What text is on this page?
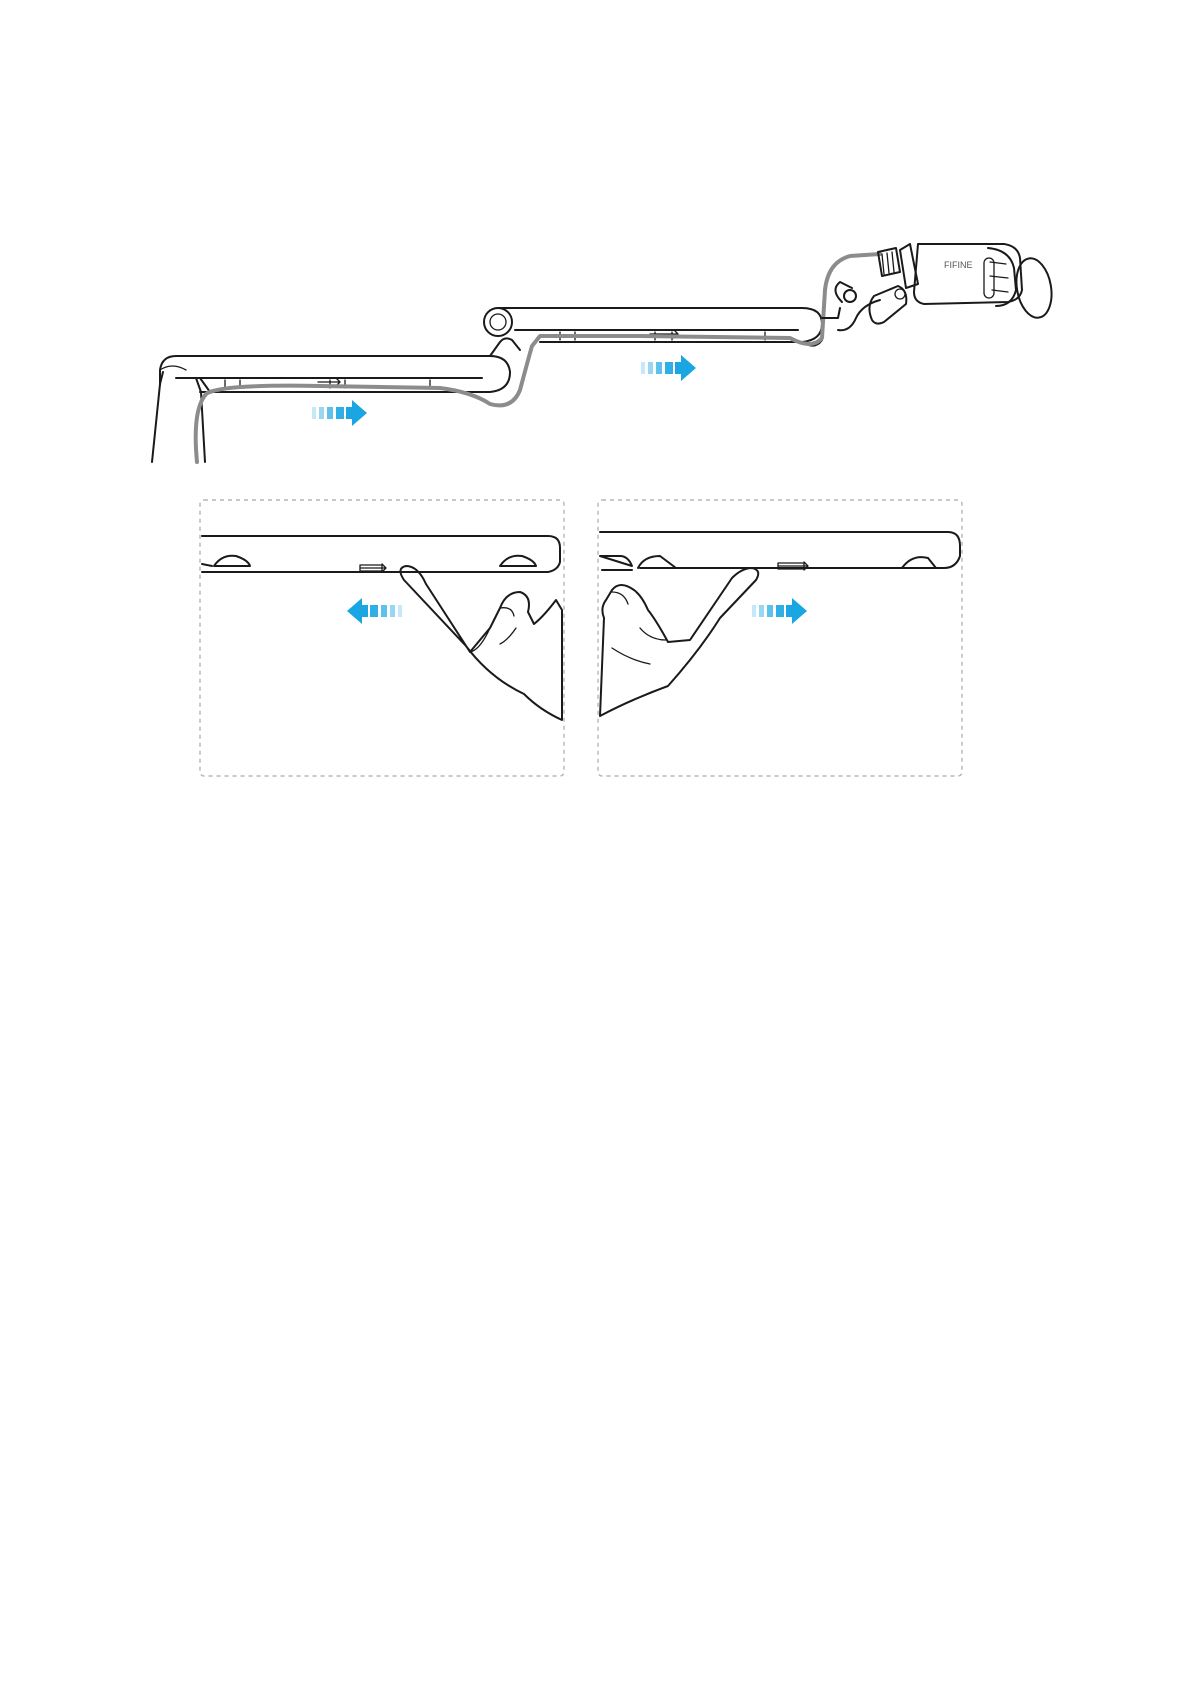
FIFINE
